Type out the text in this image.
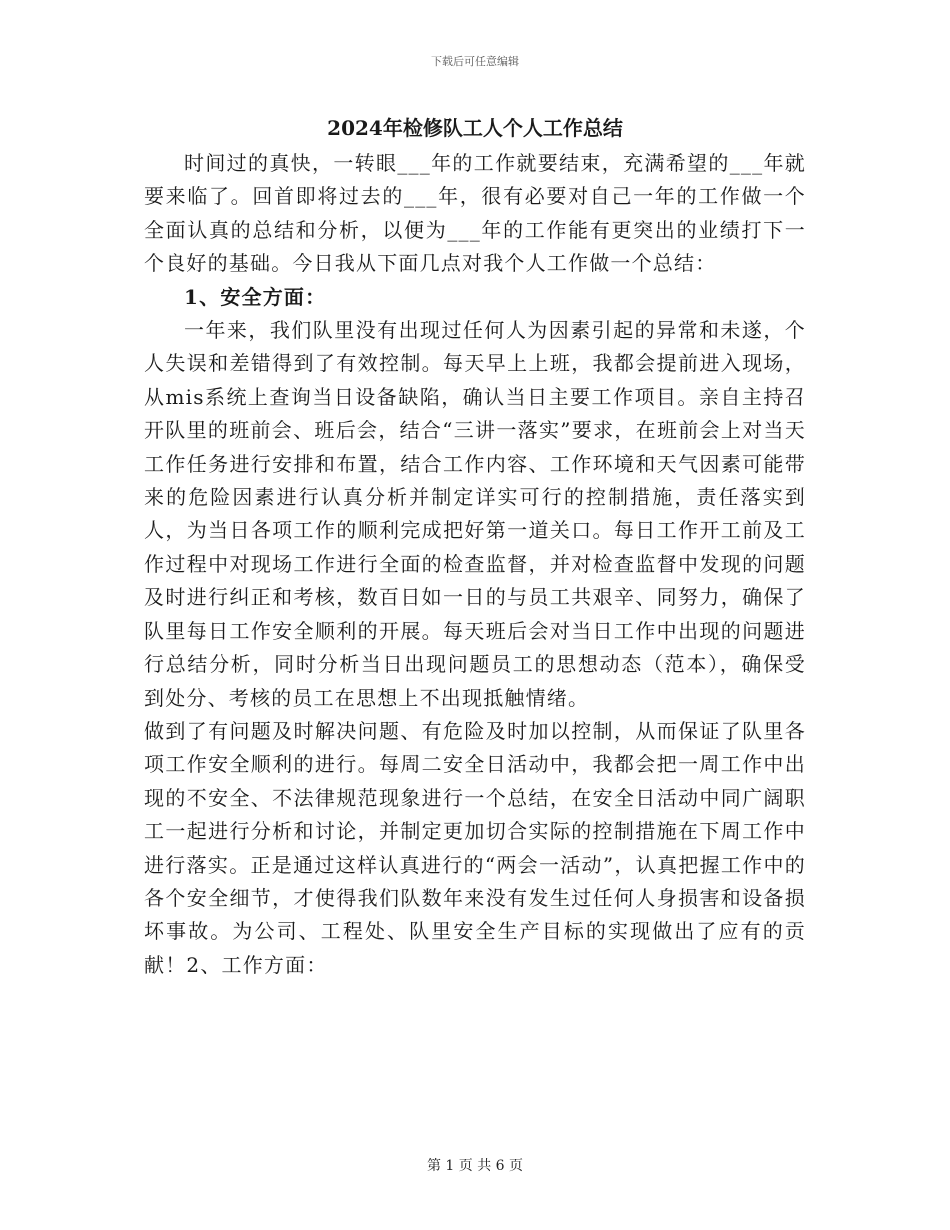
下载后可任意编辑
2024年检修队工人个人工作总结

时间过的真快，一转眼___年的工作就要结束，充满希望的___年就要来临了。回首即将过去的___年，很有必要对自己一年的工作做一个全面认真的总结和分析，以便为___年的工作能有更突出的业绩打下一个良好的基础。今日我从下面几点对我个人工作做一个总结：

1、安全方面：

一年来，我们队里没有出现过任何人为因素引起的异常和未遂，个人失误和差错得到了有效控制。每天早上上班，我都会提前进入现场，从mis系统上查询当日设备缺陷，确认当日主要工作项目。亲自主持召开队里的班前会、班后会，结合“三讲一落实”要求，在班前会上对当天工作任务进行安排和布置，结合工作内容、工作环境和天气因素可能带来的危险因素进行认真分析并制定详实可行的控制措施，责任落实到人，为当日各项工作的顺利完成把好第一道关口。每日工作开工前及工作过程中对现场工作进行全面的检查监督，并对检查监督中发现的问题及时进行纠正和考核，数百日如一日的与员工共艰辛、同努力，确保了队里每日工作安全顺利的开展。每天班后会对当日工作中出现的问题进行总结分析，同时分析当日出现问题员工的思想动态（范本），确保受到处分、考核的员工在思想上不出现抵触情绪。

做到了有问题及时解决问题、有危险及时加以控制，从而保证了队里各项工作安全顺利的进行。每周二安全日活动中，我都会把一周工作中出现的不安全、不法律规范现象进行一个总结，在安全日活动中同广阔职工一起进行分析和讨论，并制定更加切合实际的控制措施在下周工作中进行落实。正是通过这样认真进行的“两会一活动”，认真把握工作中的各个安全细节，才使得我们队数年来没有发生过任何人身损害和设备损坏事故。为公司、工程处、队里安全生产目标的实现做出了应有的贡献！2、工作方面：

第 1 页 共 6 页
